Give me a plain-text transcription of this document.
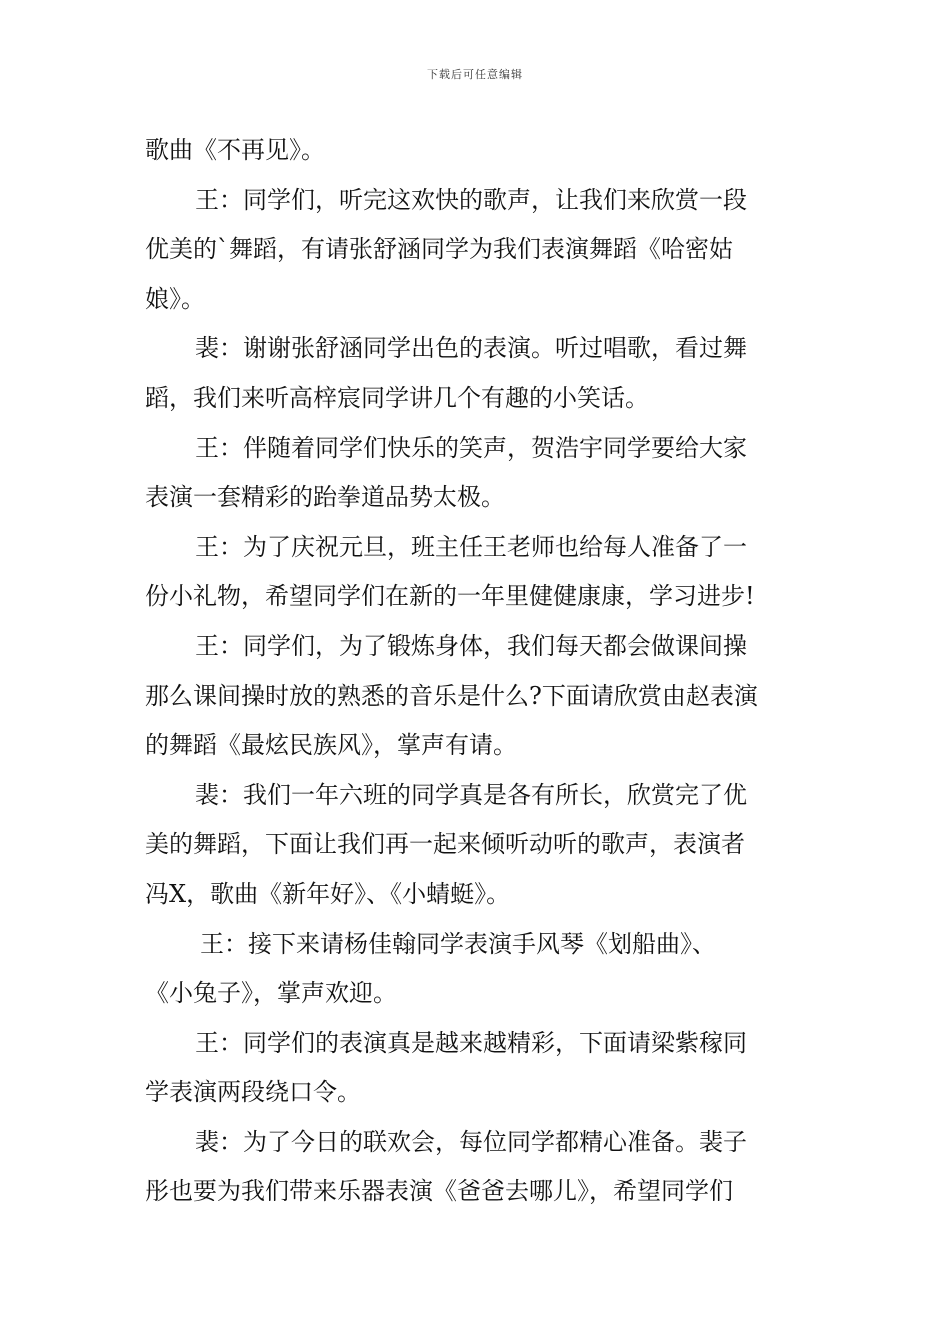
下载后可任意编辑
歌曲《不再见》。
王：同学们，听完这欢快的歌声，让我们来欣赏一段
优美的`舞蹈，有请张舒涵同学为我们表演舞蹈《哈密姑
娘》。
裴：谢谢张舒涵同学出色的表演。听过唱歌，看过舞
蹈，我们来听高梓宸同学讲几个有趣的小笑话。
王：伴随着同学们快乐的笑声，贺浩宇同学要给大家
表演一套精彩的跆拳道品势太极。
王：为了庆祝元旦，班主任王老师也给每人准备了一
份小礼物，希望同学们在新的一年里健健康康，学习进步!
王：同学们，为了锻炼身体，我们每天都会做课间操
那么课间操时放的熟悉的音乐是什么?下面请欣赏由赵表演
的舞蹈《最炫民族风》，掌声有请。
裴：我们一年六班的同学真是各有所长，欣赏完了优
美的舞蹈，下面让我们再一起来倾听动听的歌声，表演者
冯X，歌曲《新年好》、《小蜻蜓》。
王：接下来请杨佳翰同学表演手风琴《划船曲》、
《小兔子》，掌声欢迎。
王：同学们的表演真是越来越精彩，下面请梁紫稼同
学表演两段绕口令。
裴：为了今日的联欢会，每位同学都精心准备。裴子
彤也要为我们带来乐器表演《爸爸去哪儿》，希望同学们
